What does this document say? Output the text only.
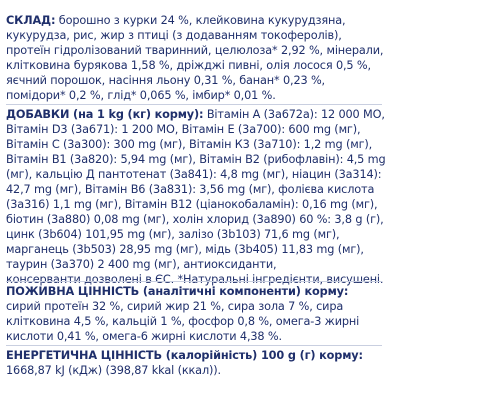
СКЛАД: борошно з курки 24 %, клейковина кукурудзяна,
кукурудза, рис, жир з птиці (з додаванням токоферолів),
протеїн гідролізований тваринний, целюлоза* 2,92 %, мінерали,
клітковина бурякова 1,58 %, дріжджі пивні, олія лосося 0,5 %,
яєчний порошок, насіння льону 0,31 %, банан* 0,23 %,
помідори* 0,2 %, глід* 0,065 %, імбир* 0,01 %.
ДОБАВКИ (на 1 kg (кг) корму): Вітамін А (3а672а): 12 000 МО,
Вітамін D3 (3а671): 1 200 МО, Вітамін Е (3а700): 600 mg (мг),
Вітамін С (3а300): 300 mg (мг), Вітамін К3 (3а710): 1,2 mg (мг),
Вітамін В1 (3а820): 5,94 mg (мг), Вітамін В2 (рибофлавін): 4,5 mg
(мг), кальцію Д пантотенат (3а841): 4,8 mg (мг), ніацин (3а314):
42,7 mg (мг), Вітамін В6 (3а831): 3,56 mg (мг), фолієва кислота
(3а316) 1,1 mg (мг), Вітамін В12 (ціанокобаламін): 0,16 mg (мг),
біотин (3а880) 0,08 mg (мг), холін хлорид (3а890) 60 %: 3,8 g (г),
цинк (3b604) 101,95 mg (мг), залізо (3b103) 71,6 mg (мг),
марганець (3b503) 28,95 mg (мг), мідь (3b405) 11,83 mg (мг),
таурин (3а370) 2 400 mg (мг), антиоксиданти,
консерванти дозволені в ЄС. *Натуральні інгредієнти, висушені.
ПОЖИВНА ЦІННІСТЬ (аналітичні компоненти) корму:
сирий протеїн 32 %, сирий жир 21 %, сира зола 7 %, сира
клітковина 4,5 %, кальцій 1 %, фосфор 0,8 %, омега-3 жирні
кислоти 0,41 %, омега-6 жирні кислоти 4,38 %.
ЕНЕРГЕТИЧНА ЦІННІСТЬ (калорійність) 100 g (г) корму:
1668,87 kJ (кДж) (398,87 kkal (ккал)).
